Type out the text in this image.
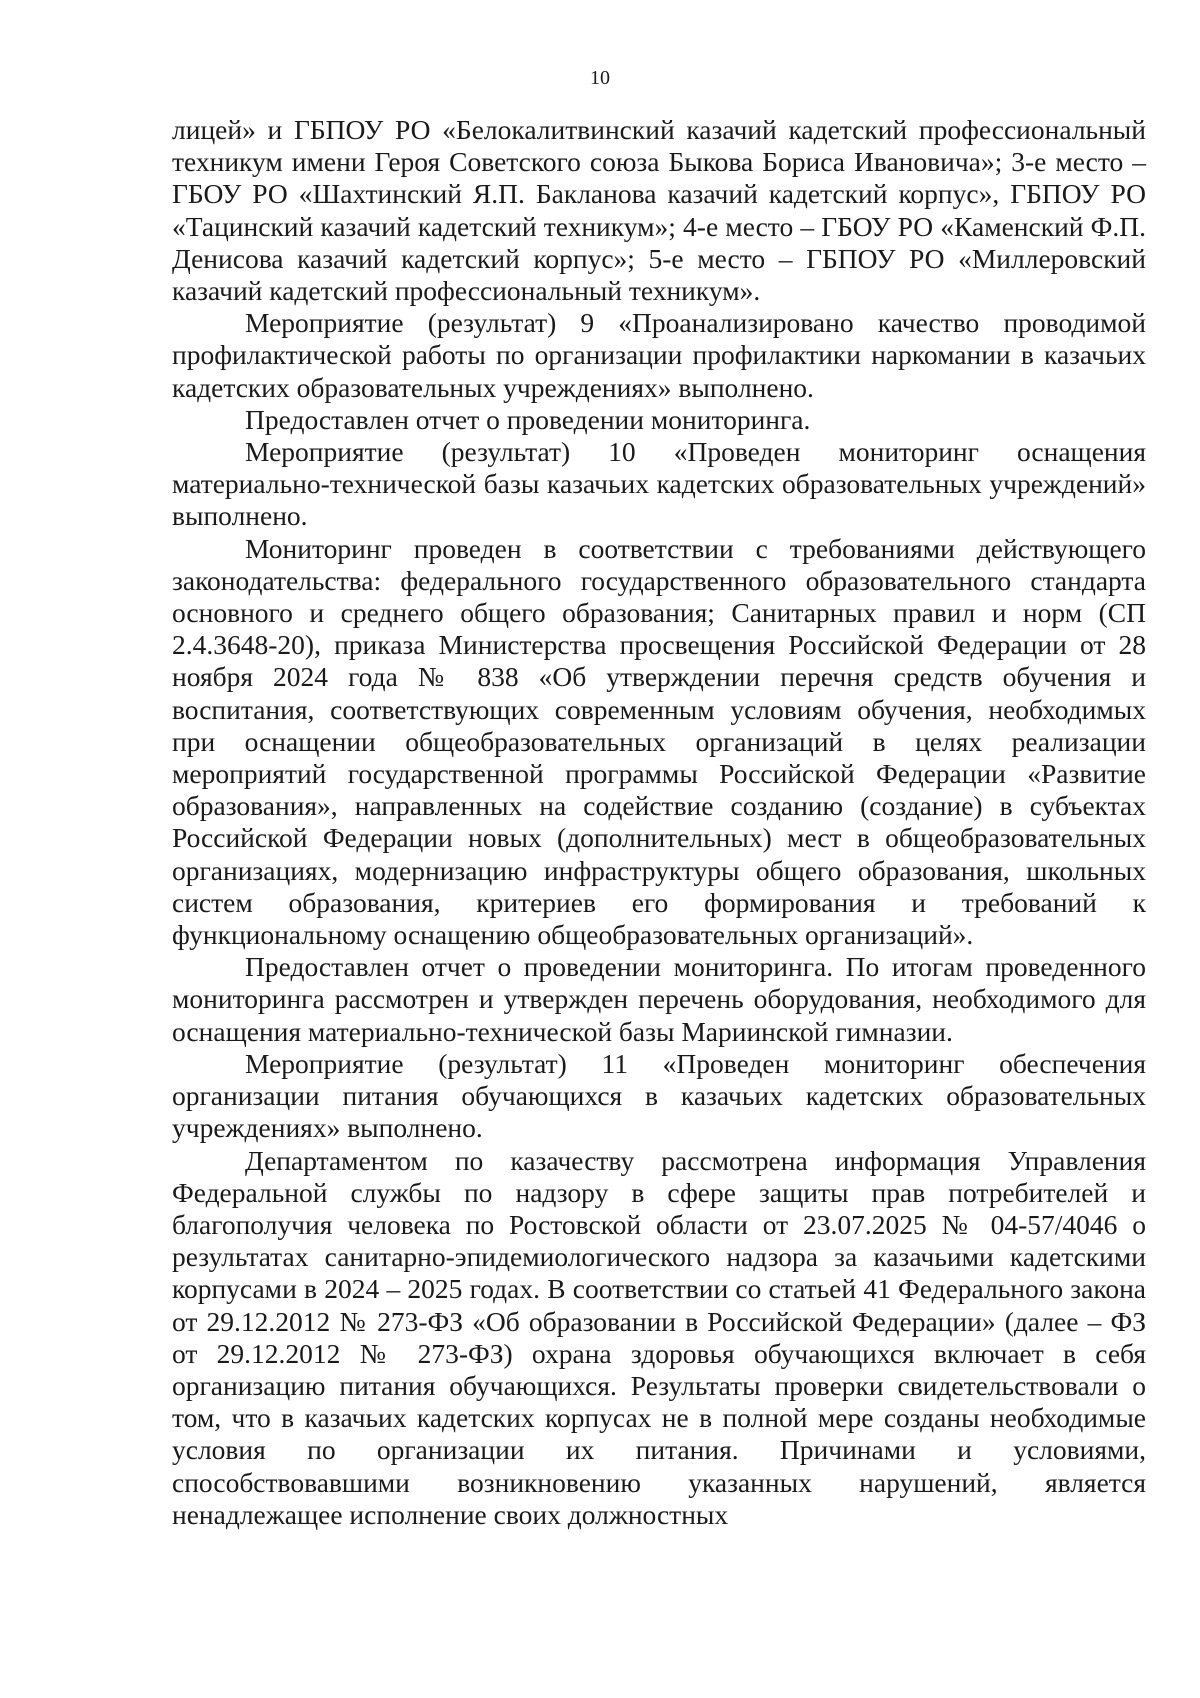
10

лицей» и ГБПОУ РО «Белокалитвинский казачий кадетский профессиональный техникум имени Героя Советского союза Быкова Бориса Ивановича»; 3-е место – ГБОУ РО «Шахтинский Я.П. Бакланова казачий кадетский корпус», ГБПОУ РО «Тацинский казачий кадетский техникум»; 4-е место – ГБОУ РО «Каменский Ф.П. Денисова казачий кадетский корпус»; 5-е место – ГБПОУ РО «Миллеровский казачий кадетский профессиональный техникум».

Мероприятие (результат) 9 «Проанализировано качество проводимой профилактической работы по организации профилактики наркомании в казачьих кадетских образовательных учреждениях» выполнено.

Предоставлен отчет о проведении мониторинга.

Мероприятие (результат) 10 «Проведен мониторинг оснащения материально-технической базы казачьих кадетских образовательных учреждений» выполнено.

Мониторинг проведен в соответствии с требованиями действующего законодательства: федерального государственного образовательного стандарта основного и среднего общего образования; Санитарных правил и норм (СП 2.4.3648-20), приказа Министерства просвещения Российской Федерации от 28 ноября 2024 года № 838 «Об утверждении перечня средств обучения и воспитания, соответствующих современным условиям обучения, необходимых при оснащении общеобразовательных организаций в целях реализации мероприятий государственной программы Российской Федерации «Развитие образования», направленных на содействие созданию (создание) в субъектах Российской Федерации новых (дополнительных) мест в общеобразовательных организациях, модернизацию инфраструктуры общего образования, школьных систем образования, критериев его формирования и требований к функциональному оснащению общеобразовательных организаций».

Предоставлен отчет о проведении мониторинга. По итогам проведенного мониторинга рассмотрен и утвержден перечень оборудования, необходимого для оснащения материально-технической базы Мариинской гимназии.

Мероприятие (результат) 11 «Проведен мониторинг обеспечения организации питания обучающихся в казачьих кадетских образовательных учреждениях» выполнено.

Департаментом по казачеству рассмотрена информация Управления Федеральной службы по надзору в сфере защиты прав потребителей и благополучия человека по Ростовской области от 23.07.2025 № 04-57/4046 о результатах санитарно-эпидемиологического надзора за казачьими кадетскими корпусами в 2024 – 2025 годах. В соответствии со статьей 41 Федерального закона от 29.12.2012 № 273-ФЗ «Об образовании в Российской Федерации» (далее – ФЗ от 29.12.2012 № 273-ФЗ) охрана здоровья обучающихся включает в себя организацию питания обучающихся. Результаты проверки свидетельствовали о том, что в казачьих кадетских корпусах не в полной мере созданы необходимые условия по организации их питания. Причинами и условиями, способствовавшими возникновению указанных нарушений, является ненадлежащее исполнение своих должностных
